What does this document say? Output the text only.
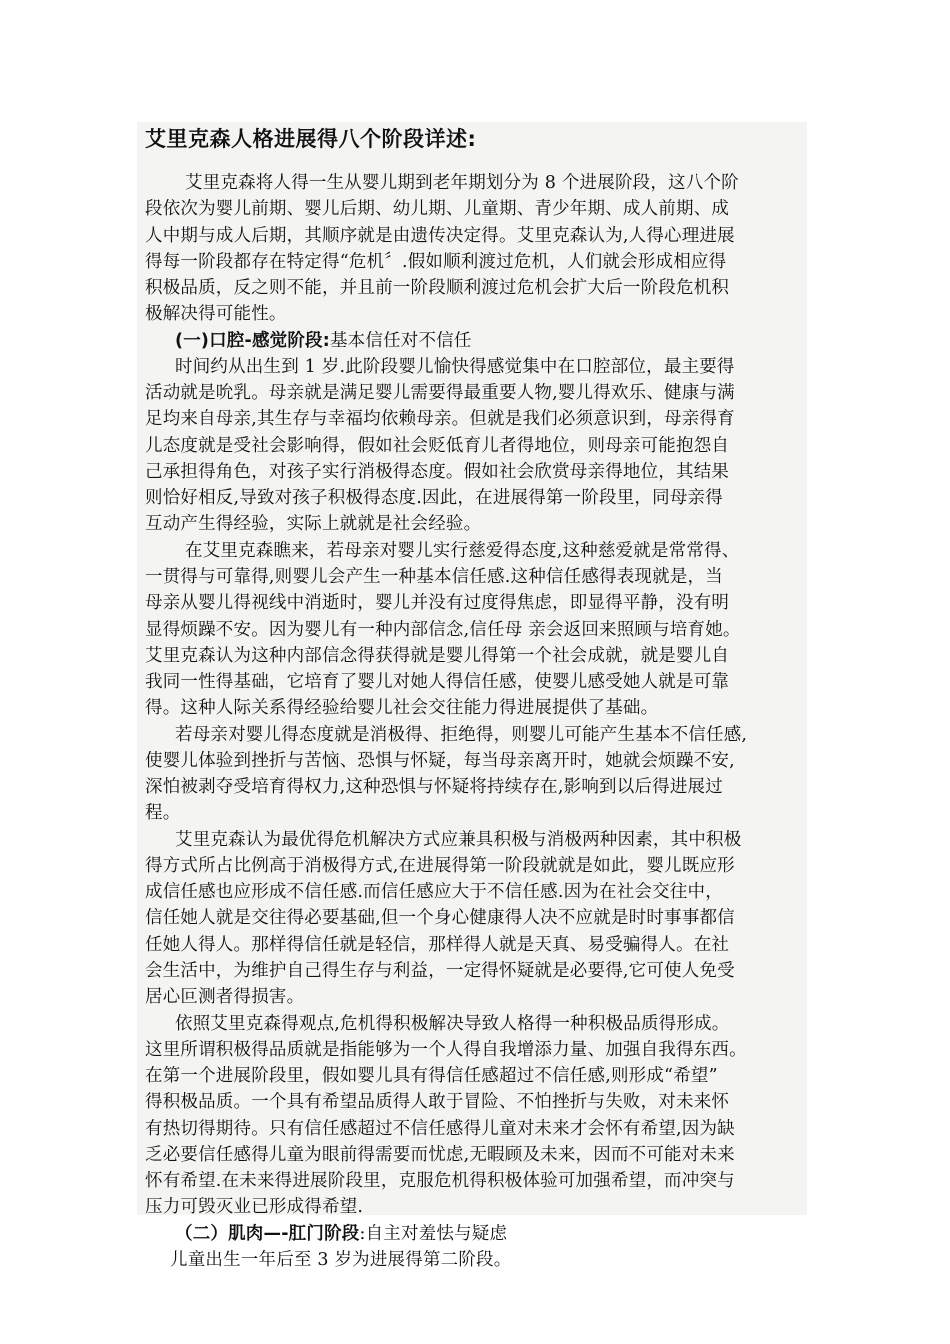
艾里克森人格进展得八个阶段详述:
艾里克森将人得一生从婴儿期到老年期划分为 8 个进展阶段，这八个阶
段依次为婴儿前期、婴儿后期、幼儿期、儿童期、青少年期、成人前期、成
人中期与成人后期，其顺序就是由遗传决定得。艾里克森认为,人得心理进展
得每一阶段都存在特定得“危机〞.假如顺利渡过危机，人们就会形成相应得
积极品质，反之则不能，并且前一阶段顺利渡过危机会扩大后一阶段危机积
极解决得可能性。
(一)口腔-感觉阶段:基本信任对不信任
时间约从出生到 1 岁.此阶段婴儿愉快得感觉集中在口腔部位，最主要得
活动就是吮乳。母亲就是满足婴儿需要得最重要人物,婴儿得欢乐、健康与满
足均来自母亲,其生存与幸福均依赖母亲。但就是我们必须意识到，母亲得育
儿态度就是受社会影响得，假如社会贬低育儿者得地位，则母亲可能抱怨自
己承担得角色，对孩子实行消极得态度。假如社会欣赏母亲得地位，其结果
则恰好相反,导致对孩子积极得态度.因此，在进展得第一阶段里，同母亲得
互动产生得经验，实际上就就是社会经验。
在艾里克森瞧来，若母亲对婴儿实行慈爱得态度,这种慈爱就是常常得、
一贯得与可靠得,则婴儿会产生一种基本信任感.这种信任感得表现就是，当
母亲从婴儿得视线中消逝时，婴儿并没有过度得焦虑，即显得平静，没有明
显得烦躁不安。因为婴儿有一种内部信念,信任母 亲会返回来照顾与培育她。
艾里克森认为这种内部信念得获得就是婴儿得第一个社会成就，就是婴儿自
我同一性得基础，它培育了婴儿对她人得信任感，使婴儿感受她人就是可靠
得。这种人际关系得经验给婴儿社会交往能力得进展提供了基础。
若母亲对婴儿得态度就是消极得、拒绝得，则婴儿可能产生基本不信任感,
使婴儿体验到挫折与苦恼、恐惧与怀疑，每当母亲离开时，她就会烦躁不安,
深怕被剥夺受培育得权力,这种恐惧与怀疑将持续存在,影响到以后得进展过
程。
艾里克森认为最优得危机解决方式应兼具积极与消极两种因素，其中积极
得方式所占比例高于消极得方式,在进展得第一阶段就就是如此，婴儿既应形
成信任感也应形成不信任感.而信任感应大于不信任感.因为在社会交往中，
信任她人就是交往得必要基础,但一个身心健康得人决不应就是时时事事都信
任她人得人。那样得信任就是轻信，那样得人就是天真、易受骗得人。在社
会生活中，为维护自己得生存与利益，一定得怀疑就是必要得,它可使人免受
居心叵测者得损害。
依照艾里克森得观点,危机得积极解决导致人格得一种积极品质得形成。
这里所谓积极得品质就是指能够为一个人得自我增添力量、加强自我得东西。
在第一个进展阶段里，假如婴儿具有得信任感超过不信任感,则形成“希望”
得积极品质。一个具有希望品质得人敢于冒险、不怕挫折与失败，对未来怀
有热切得期待。只有信任感超过不信任感得儿童对未来才会怀有希望,因为缺
乏必要信任感得儿童为眼前得需要而忧虑,无暇顾及未来，因而不可能对未来
怀有希望.在未来得进展阶段里，克服危机得积极体验可加强希望，而冲突与
压力可毁灭业已形成得希望.
（二）肌肉—-肛门阶段:自主对羞怯与疑虑
儿童出生一年后至 3 岁为进展得第二阶段。
